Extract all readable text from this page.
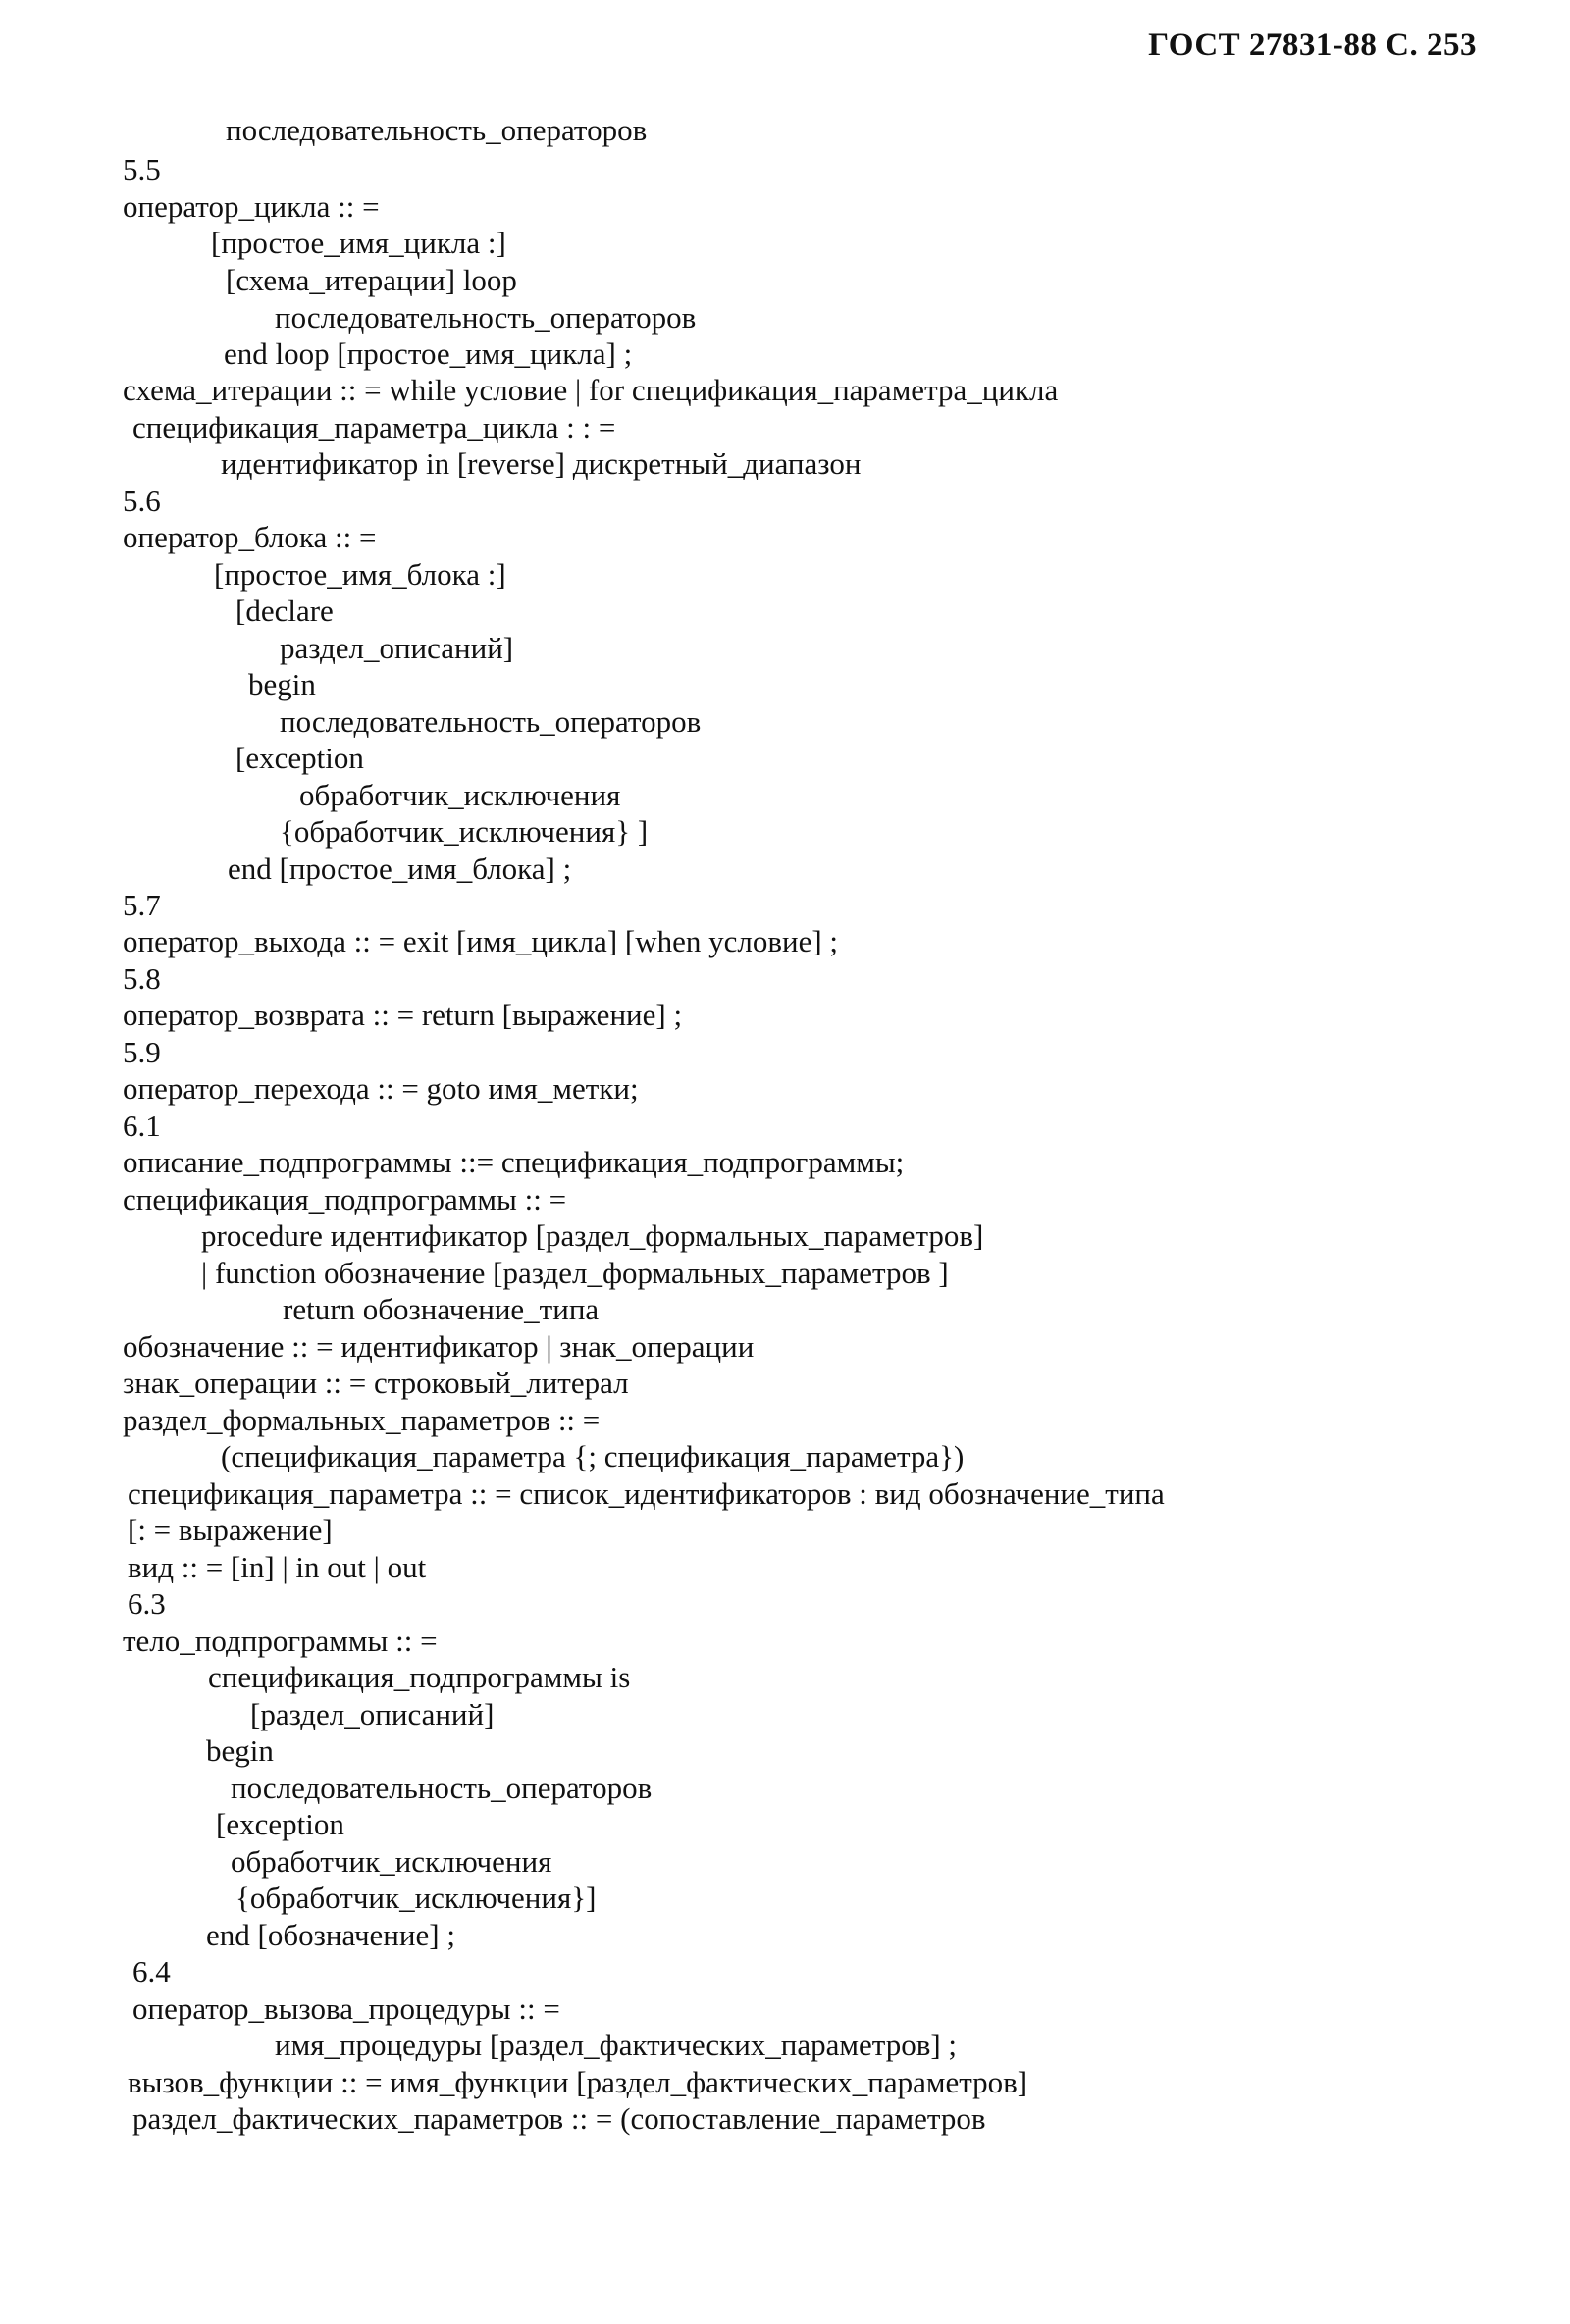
ГОСТ 27831-88 С. 253
последовательность_операторов
5.5
оператор_цикла :: =
[простое_имя_цикла :]
[схема_итерации] loop
последовательность_операторов
end loop [простое_имя_цикла] ;
схема_итерации :: = while условие | for спецификация_параметра_цикла
спецификация_параметра_цикла : : =
идентификатор in [reverse] дискретный_диапазон
5.6
оператор_блока :: =
[простое_имя_блока :]
[declare
раздел_описаний]
begin
последовательность_операторов
[exception
обработчик_исключения
{обработчик_исключения} ]
end [простое_имя_блока] ;
5.7
оператор_выхода :: = exit [имя_цикла] [when условие] ;
5.8
оператор_возврата :: = return [выражение] ;
5.9
оператор_перехода :: = goto имя_метки;
6.1
описание_подпрограммы ::= спецификация_подпрограммы;
спецификация_подпрограммы :: =
procedure идентификатор [раздел_формальных_параметров]
| function обозначение [раздел_формальных_параметров ]
return обозначение_типа
обозначение :: = идентификатор | знак_операции
знак_операции :: = строковый_литерал
раздел_формальных_параметров :: =
(спецификация_параметра {; спецификация_параметра})
спецификация_параметра :: = список_идентификаторов : вид обозначение_типа
[: = выражение]
вид :: = [in] | in out | out
6.3
тело_подпрограммы :: =
спецификация_подпрограммы is
[раздел_описаний]
begin
последовательность_операторов
[exception
обработчик_исключения
{обработчик_исключения}]
end [обозначение] ;
6.4
оператор_вызова_процедуры :: =
имя_процедуры [раздел_фактических_параметров] ;
вызов_функции :: = имя_функции [раздел_фактических_параметров]
раздел_фактических_параметров :: = (сопоставление_параметров
